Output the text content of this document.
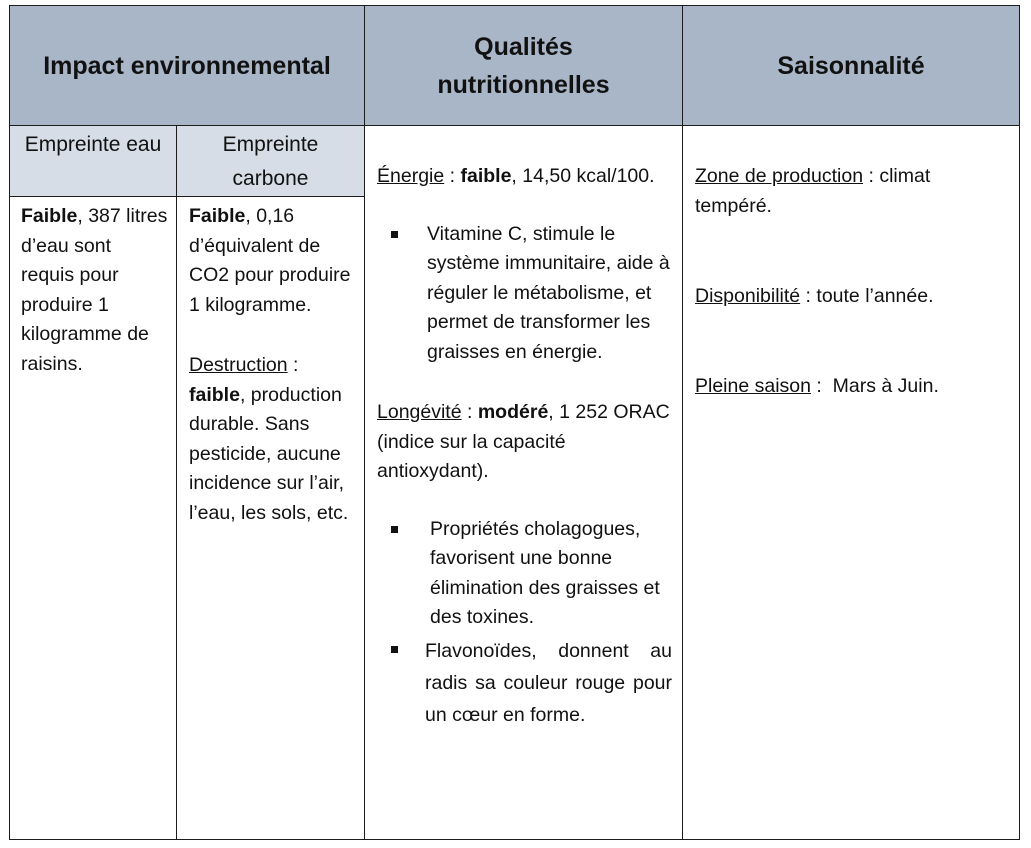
Impact environnemental
Qualités nutritionnelles
Saisonnalité
Empreinte eau	Empreinte carbone

Faible, 387 litres d’eau sont requis pour produire 1 kilogramme de raisins.

Faible, 0,16 d’équivalent de CO2 pour produire 1 kilogramme.

Destruction : faible, production durable. Sans pesticide, aucune incidence sur l’air, l’eau, les sols, etc.

Énergie : faible, 14,50 kcal/100.

Vitamine C, stimule le système immunitaire, aide à réguler le métabolisme, et permet de transformer les graisses en énergie.

Longévité : modéré, 1 252 ORAC (indice sur la capacité antioxydant).

Propriétés cholagogues, favorisent une bonne élimination des graisses et des toxines.
Flavonoïdes, donnent au radis sa couleur rouge pour un cœur en forme.

Zone de production : climat tempéré.

Disponibilité : toute l’année.

Pleine saison :  Mars à Juin.
